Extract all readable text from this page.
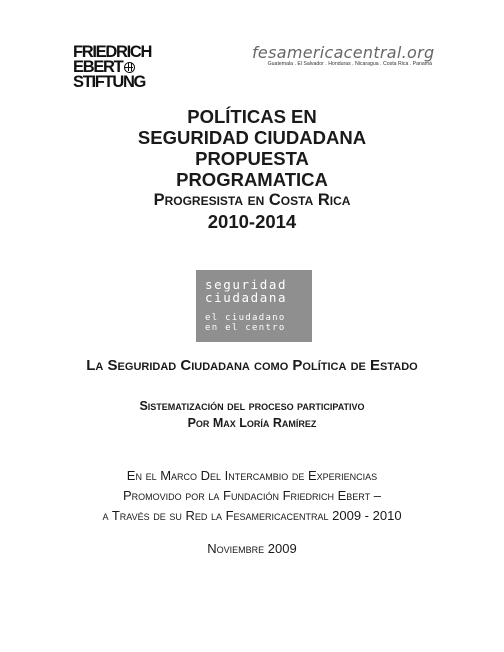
FRIEDRICH
EBERT
STIFTUNG
fesamericacentral.org
Guatemala . El Salvador . Honduras . Nicaragua . Costa Rica . Panamá
POLÍTICAS EN
SEGURIDAD CIUDADANA
PROPUESTA
PROGRAMATICA
Progresista en Costa Rica
2010-2014
seguridad
ciudadana
el ciudadano
en el centro
La Seguridad Ciudadana como Política de Estado
Sistematización del proceso participativo
Por Max Loría Ramírez
En el Marco Del Intercambio de Experiencias
Promovido por la Fundación Friedrich Ebert –
a Través de su Red la Fesamericacentral 2009 - 2010
Noviembre 2009
